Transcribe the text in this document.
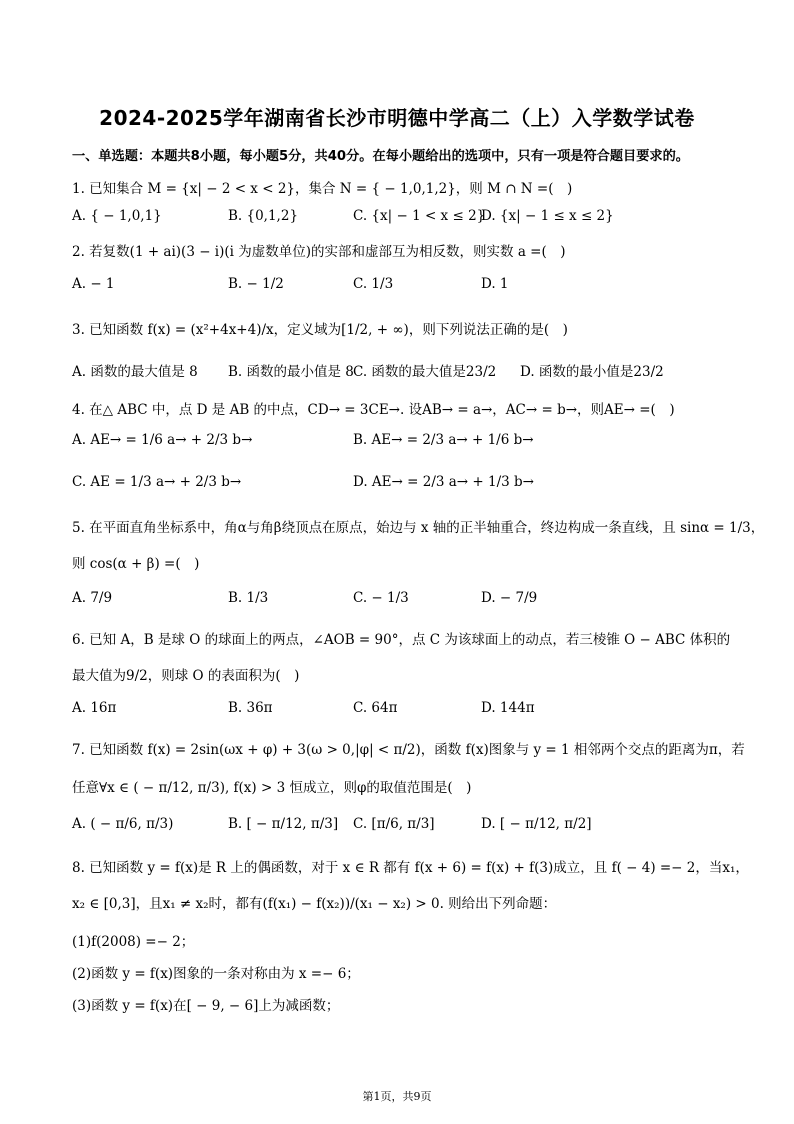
2024-2025学年湖南省长沙市明德中学高二（上）入学数学试卷
一、单选题：本题共8小题，每小题5分，共40分。在每小题给出的选项中，只有一项是符合题目要求的。
1. 已知集合 M = {x| − 2 < x < 2}，集合 N = { − 1,0,1,2}，则 M ∩ N =(　)
A. { − 1,0,1}	B. {0,1,2}	C. {x| − 1 < x ≤ 2}
D. {x| − 1 ≤ x ≤ 2}
2. 若复数(1 + ai)(3 − i)(i 为虚数单位)的实部和虚部互为相反数，则实数 a =(　)
A. − 1	B. − 1/2	C. 1/3	D. 1
3. 已知函数 f(x) = (x²+4x+4)/x，定义域为[1/2, + ∞)，则下列说法正确的是(　)
A. 函数的最大值是 8 B. 函数的最小值是 8 C. 函数的最大值是23/2 D. 函数的最小值是23/2
4. 在△ ABC 中，点 D 是 AB 的中点，CD→ = 3CE→. 设AB→ = a→，AC→ = b→，则AE→ =(　)
A. AE→ = 1/6 a→ + 2/3 b→	B. AE→ = 2/3 a→ + 1/6 b→
C. AE = 1/3 a→ + 2/3 b→	D. AE→ = 2/3 a→ + 1/3 b→
5. 在平面直角坐标系中，角α与角β绕顶点在原点，始边与 x 轴的正半轴重合，终边构成一条直线，且 sinα = 1/3，
则 cos(α + β) =(　)
A. 7/9	B. 1/3	C. − 1/3	D. − 7/9
6. 已知 A，B 是球 O 的球面上的两点，∠AOB = 90°，点 C 为该球面上的动点，若三棱锥 O − ABC 体积的
最大值为9/2，则球 O 的表面积为(　)
A. 16π	B. 36π	C. 64π	D. 144π
7. 已知函数 f(x) = 2sin(ωx + φ) + 3(ω > 0,|φ| < π/2)，函数 f(x)图象与 y = 1 相邻两个交点的距离为π，若
任意∀x ∈ ( − π/12, π/3), f(x) > 3 恒成立，则φ的取值范围是(　)
A. ( − π/6, π/3)	B. [ − π/12, π/3] C. [π/6, π/3]	D. [ − π/12, π/2]
8. 已知函数 y = f(x)是 R 上的偶函数，对于 x ∈ R 都有 f(x + 6) = f(x) + f(3)成立，且 f( − 4) =− 2，当x₁，
x₂ ∈ [0,3]，且x₁ ≠ x₂时，都有(f(x₁) − f(x₂))/(x₁ − x₂) > 0. 则给出下列命题：
(1)f(2008) =− 2；
(2)函数 y = f(x)图象的一条对称由为 x =− 6；
(3)函数 y = f(x)在[ − 9, − 6]上为减函数；
第1页，共9页
